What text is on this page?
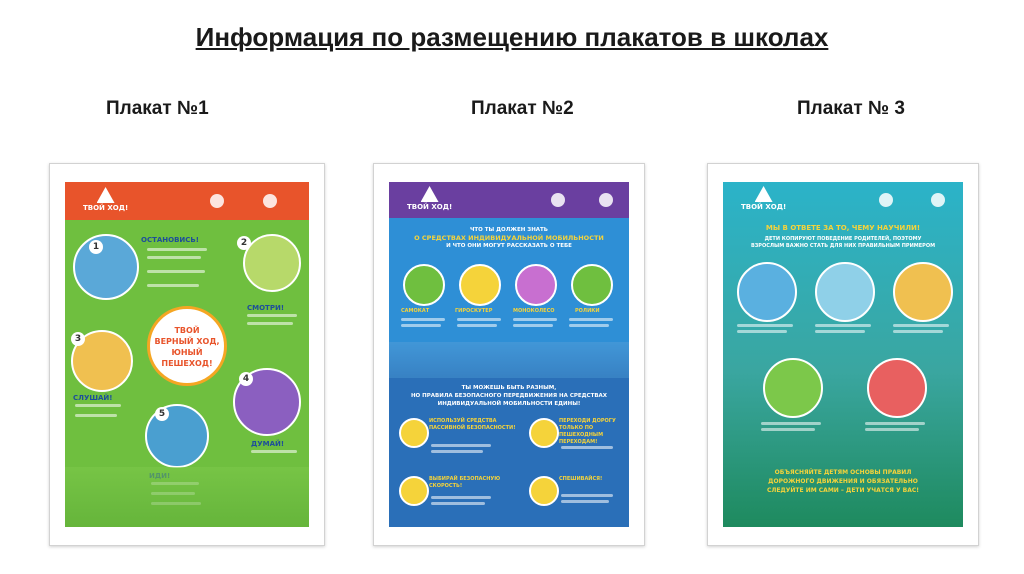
Информация по размещению плакатов в школах
Плакат №1	Плакат №2	Плакат № 3
ТВОЙ ХОД!
1	2
3
4
5
ТВОЙ
ВЕРНЫЙ ХОД,
ЮНЫЙ
ПЕШЕХОД!
ОСТАНОВИСЬ!
СМОТРИ!
СЛУШАЙ!
ДУМАЙ!
ТВОЙ ХОД!
ЧТО ТЫ ДОЛЖЕН ЗНАТЬ
О СРЕДСТВАХ ИНДИВИДУАЛЬНОЙ МОБИЛЬНОСТИ
И ЧТО ОНИ МОГУТ РАССКАЗАТЬ О ТЕБЕ
САМОКАТ	ГИРОСКУТЕР	МОНОКОЛЕСО	РОЛИКИ
ТЫ МОЖЕШЬ БЫТЬ РАЗНЫМ,
НО ПРАВИЛА БЕЗОПАСНОГО ПЕРЕДВИЖЕНИЯ НА СРЕДСТВАХ
ИНДИВИДУАЛЬНОЙ МОБИЛЬНОСТИ ЕДИНЫ!
ИСПОЛЬЗУЙ СРЕДСТВА ПАССИВНОЙ БЕЗОПАСНОСТИ!
ПЕРЕХОДИ ДОРОГУ ТОЛЬКО ПО ПЕШЕХОДНЫМ ПЕРЕХОДАМ!
ВЫБИРАЙ БЕЗОПАСНУЮ СКОРОСТЬ!
СПЕШИВАЙСЯ!
ТВОЙ ХОД!
МЫ В ОТВЕТЕ ЗА ТО, ЧЕМУ НАУЧИЛИ!
ДЕТИ КОПИРУЮТ ПОВЕДЕНИЕ РОДИТЕЛЕЙ, ПОЭТОМУ
ВЗРОСЛЫМ ВАЖНО СТАТЬ ДЛЯ НИХ ПРАВИЛЬНЫМ ПРИМЕРОМ
ОБЪЯСНЯЙТЕ ДЕТЯМ ОСНОВЫ ПРАВИЛ
ДОРОЖНОГО ДВИЖЕНИЯ И ОБЯЗАТЕЛЬНО
СЛЕДУЙТЕ ИМ САМИ – ДЕТИ УЧАТСЯ У ВАС!
